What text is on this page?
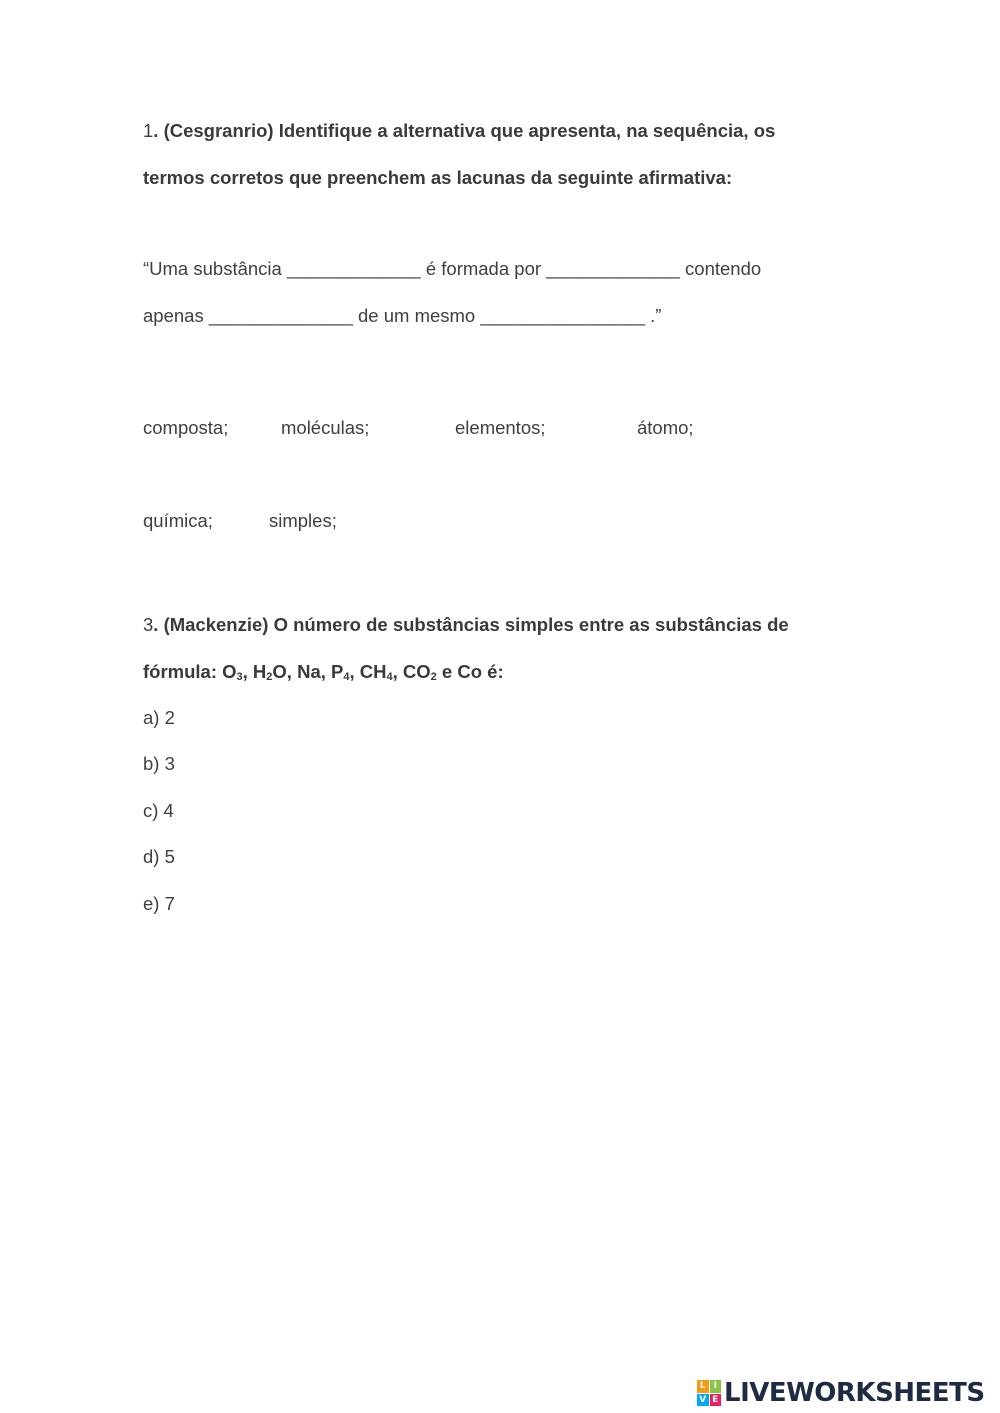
1. (Cesgranrio) Identifique a alternativa que apresenta, na sequência, os
termos corretos que preenchem as lacunas da seguinte afirmativa:
“Uma substância _____________ é formada por _____________ contendo
apenas ______________ de um mesmo ________________ .”
composta;	moléculas;	elementos;	átomo;
química;	simples;
3. (Mackenzie) O número de substâncias simples entre as substâncias de
fórmula: O3, H2O, Na, P4, CH4, CO2 e Co é:
a) 2
b) 3
c) 4
d) 5
e) 7
L I
V E LIVEWORKSHEETS
